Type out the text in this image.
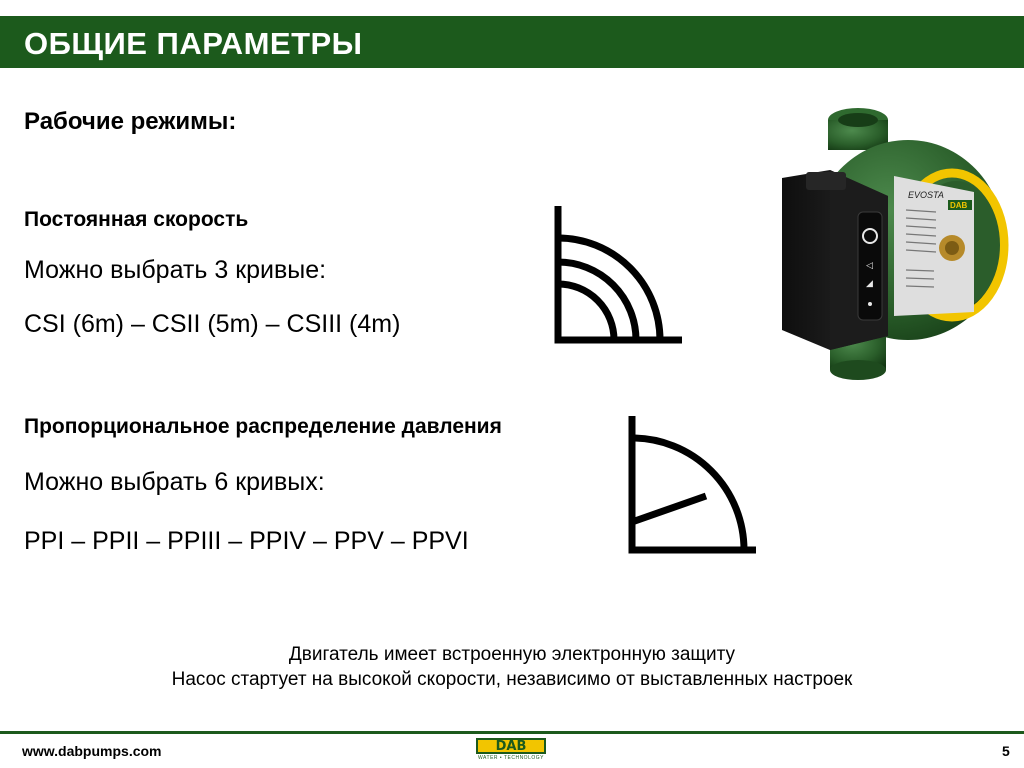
ОБЩИЕ ПАРАМЕТРЫ
Рабочие режимы:
Постоянная скорость
Можно выбрать 3 кривые:
CSI (6m) – CSII (5m) – CSIII (4m)
Пропорциональное распределение давления
Можно выбрать 6 кривых:
PPI – PPII – PPIII – PPIV – PPV – PPVI
EVOSTA
DAB
◁
◢
Двигатель имеет встроенную электронную защиту
Насос стартует на высокой скорости, независимо от выставленных настроек
www.dabpumps.com	DAB
WATER • TECHNOLOGY	5
